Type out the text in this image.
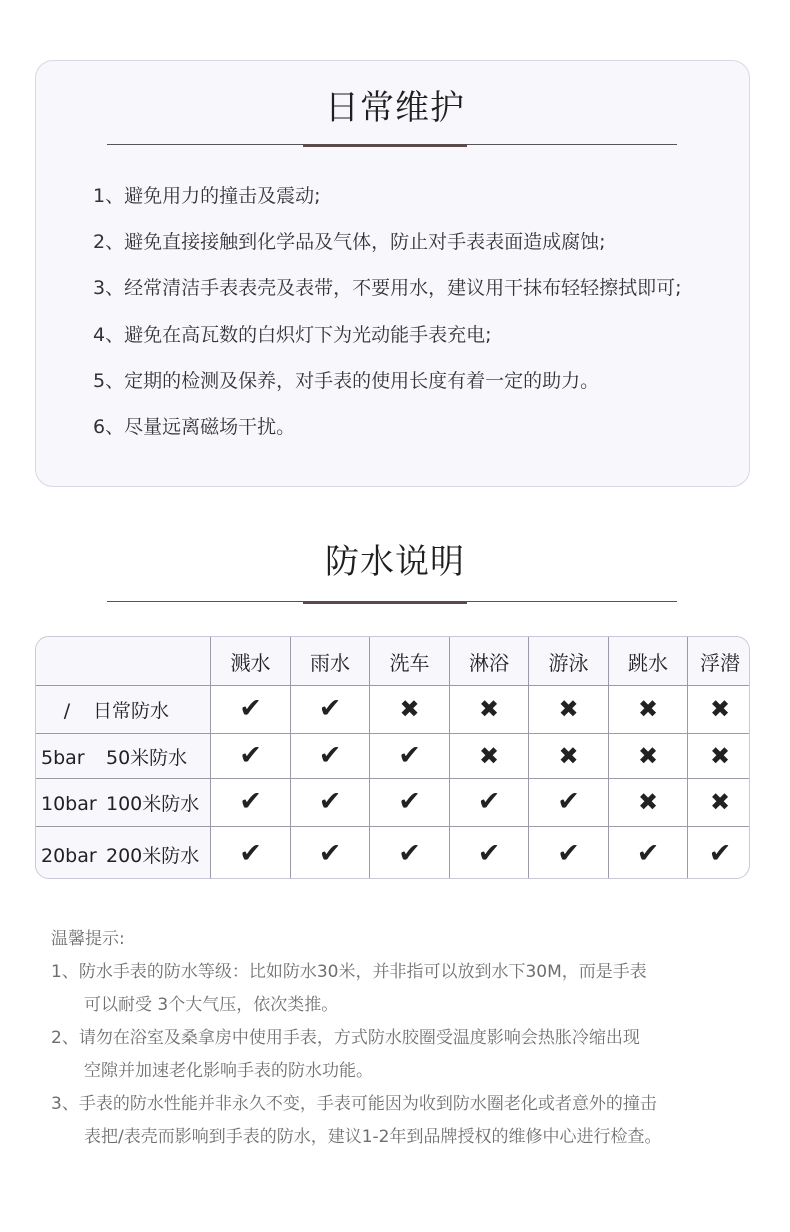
日常维护
1、避免用力的撞击及震动;
2、避免直接接触到化学品及气体，防止对手表表面造成腐蚀;
3、经常清洁手表表壳及表带，不要用水，建议用干抹布轻轻擦拭即可;
4、避免在高瓦数的白炽灯下为光动能手表充电;
5、定期的检测及保养，对手表的使用长度有着一定的助力。
6、尽量远离磁场干扰。
防水说明
	溅水	雨水	洗车	淋浴	游泳	跳水	浮潜
/ 日常防水	✔	✔	✖	✖	✖	✖	✖
5bar 50米防水	✔	✔	✔	✖	✖	✖	✖
10bar 100米防水	✔	✔	✔	✔	✔	✖	✖
20bar 200米防水	✔	✔	✔	✔	✔	✔	✔
温馨提示:
1、防水手表的防水等级：比如防水30米，并非指可以放到水下30M，而是手表
可以耐受 3个大气压，依次类推。
2、请勿在浴室及桑拿房中使用手表，方式防水胶圈受温度影响会热胀冷缩出现
空隙并加速老化影响手表的防水功能。
3、手表的防水性能并非永久不变，手表可能因为收到防水圈老化或者意外的撞击
表把/表壳而影响到手表的防水，建议1-2年到品牌授权的维修中心进行检查。
